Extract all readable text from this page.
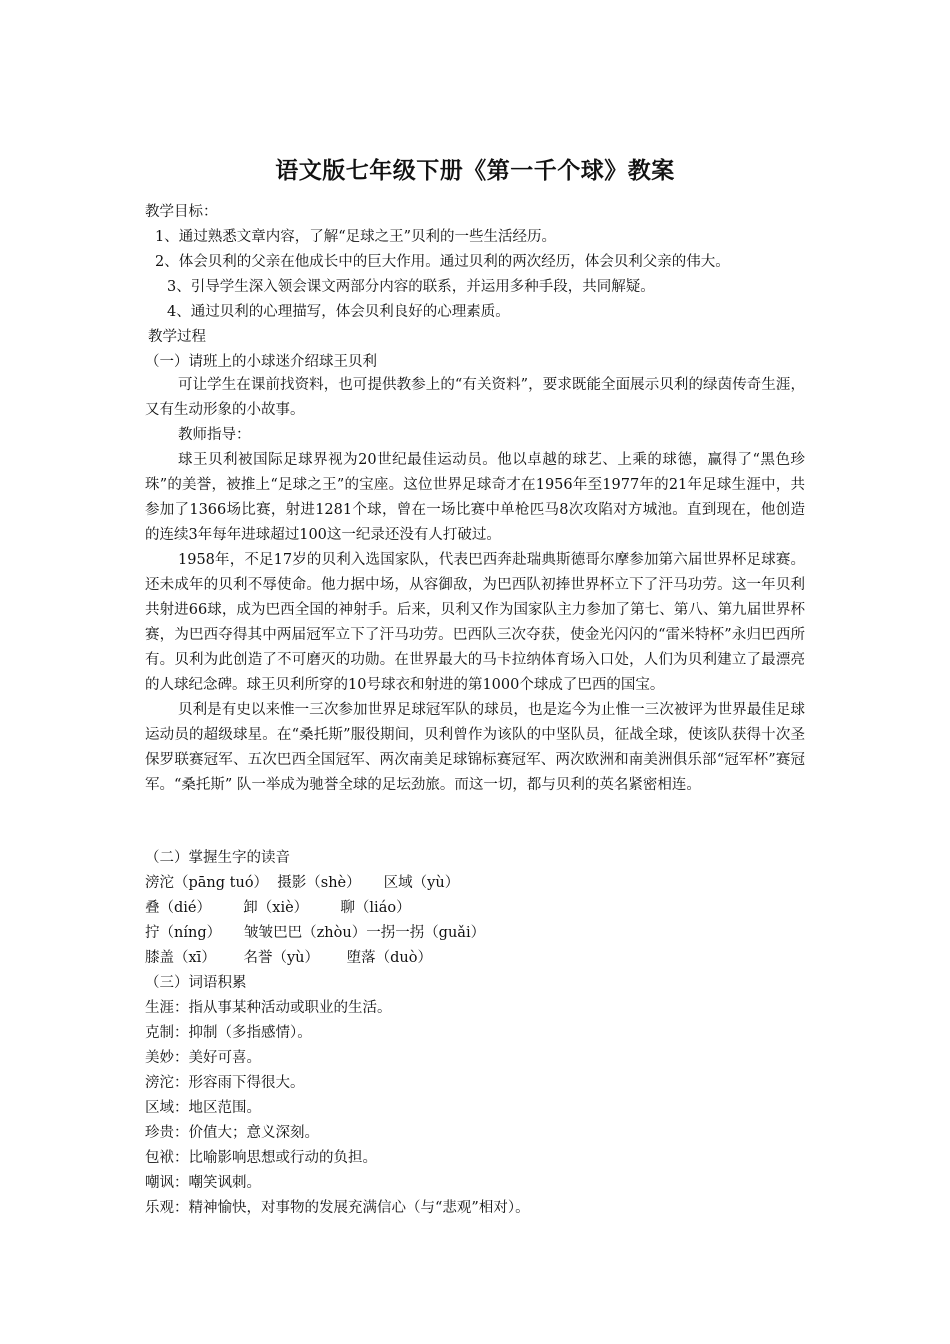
语文版七年级下册《第一千个球》教案

教学目标：

1、通过熟悉文章内容，了解“足球之王”贝利的一些生活经历。

2、体会贝利的父亲在他成长中的巨大作用。通过贝利的两次经历，体会贝利父亲的伟大。

3、引导学生深入领会课文两部分内容的联系，并运用多种手段，共同解疑。

4、通过贝利的心理描写，体会贝利良好的心理素质。

教学过程

（一）请班上的小球迷介绍球王贝利

可让学生在课前找资料，也可提供教参上的“有关资料”，要求既能全面展示贝利的绿茵传奇生涯，又有生动形象的小故事。

教师指导：

球王贝利被国际足球界视为20世纪最佳运动员。他以卓越的球艺、上乘的球德，赢得了“黑色珍珠”的美誉，被推上“足球之王”的宝座。这位世界足球奇才在1956年至1977年的21年足球生涯中，共参加了1366场比赛，射进1281个球，曾在一场比赛中单枪匹马8次攻陷对方城池。直到现在，他创造的连续3年每年进球超过100这一纪录还没有人打破过。

1958年，不足17岁的贝利入选国家队，代表巴西奔赴瑞典斯德哥尔摩参加第六届世界杯足球赛。还未成年的贝利不辱使命。他力据中场，从容御敌，为巴西队初捧世界杯立下了汗马功劳。这一年贝利共射进66球，成为巴西全国的神射手。后来，贝利又作为国家队主力参加了第七、第八、第九届世界杯赛，为巴西夺得其中两届冠军立下了汗马功劳。巴西队三次夺获，使金光闪闪的“雷米特杯”永归巴西所有。贝利为此创造了不可磨灭的功勋。在世界最大的马卡拉纳体育场入口处，人们为贝利建立了最漂亮的人球纪念碑。球王贝利所穿的10号球衣和射进的第1000个球成了巴西的国宝。

贝利是有史以来惟一三次参加世界足球冠军队的球员，也是迄今为止惟一三次被评为世界最佳足球运动员的超级球星。在“桑托斯”服役期间，贝利曾作为该队的中坚队员，征战全球，使该队获得十次圣保罗联赛冠军、五次巴西全国冠军、两次南美足球锦标赛冠军、两次欧洲和南美洲俱乐部“冠军杯”赛冠军。“桑托斯” 队一举成为驰誉全球的足坛劲旅。而这一切，都与贝利的英名紧密相连。

（二）掌握生字的读音

滂沱（pāng tuó）  摄影（shè）     区域（yù）

叠（dié）       卸（xiè）       聊（liáo）

拧（níng）     皱皱巴巴（zhòu）一拐一拐（guǎi）

膝盖（xī）      名誉（yù）      堕落（duò）

（三）词语积累

生涯：指从事某种活动或职业的生活。

克制：抑制（多指感情）。

美妙：美好可喜。

滂沱：形容雨下得很大。

区域：地区范围。

珍贵：价值大；意义深刻。

包袱：比喻影响思想或行动的负担。

嘲讽：嘲笑讽刺。

乐观：精神愉快，对事物的发展充满信心（与“悲观”相对）。
